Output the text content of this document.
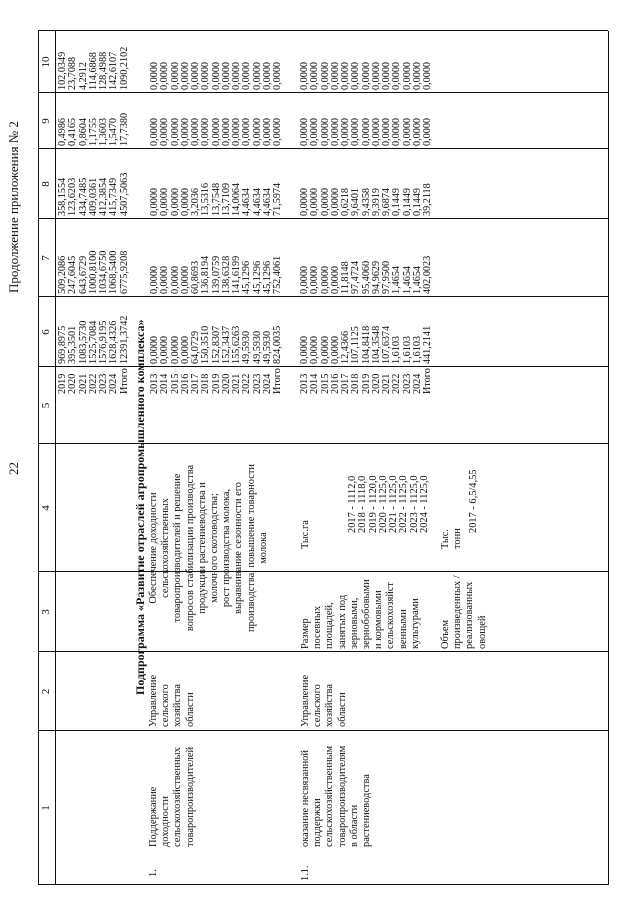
22
Продолжение приложения № 2
1
2
3
4
5
6
7
8
9
10
2019 2020 2021 2022 2023 2024 Итого
969,8975 395,3501 1083,5730 1525,7084 1576,9195 1628,4326 12391,3742
509,2086 247,6045 643,6729 1000,8100 1034,6750 1068,5400 6775,9208
358,1554 123,6203 434,7485 409,0361 412,3854 415,7349 4507,5063
0,4986 0,4165 0,8604 1,1755 1,3603 1,5470 17,7380
102,0349 23,7088 4,2912 114,6868 128,4988 142,6107 1090,2102
Подпрограмма «Развитие отраслей агропромышленного комплекса»
1.
Поддержание доходности сельскохозяйственных товаропроизводителей
Управление сельского хозяйства области
Обеспечение доходности сельскохозяйственных товаропроизводителей и решение вопросов стабилизации производства продукции растениеводства и молочного скотоводства; рост производства молока, выравнивание сезонности его производства, повышение товарности молока
2013 2014 2015 2016 2017 2018 2019 2020 2021 2022 2023 2024 Итого
0,0000 0,0000 0,0000 0,0000 64,0729 150,3510 152,8307 152,3437 155,6263 49,5930 49,5930 49,5930 824,0035
0,0000 0,0000 0,0000 0,0000 60,8693 136,8194 139,0759 138,6328 141,6199 45,1296 45,1296 45,1296 752,4061
0,0000 0,0000 0,0000 0,0000 3,2036 13,5316 13,7548 13,7109 14,0064 4,4634 4,4634 4,4634 71,5974
0,0000 0,0000 0,0000 0,0000 0,0000 0,0000 0,0000 0,0000 0,0000 0,0000 0,0000 0,0000 0,0000
0,0000 0,0000 0,0000 0,0000 0,0000 0,0000 0,0000 0,0000 0,0000 0,0000 0,0000 0,0000 0,0000
1.1.
оказание несвязанной поддержки сельскохозяйственным товаропроизводителям в области растениеводства
Управление сельского хозяйства области
Размер посевных площадей, занятых под зерновыми, зернобобовыми и кормовыми сельскохозяйст венными культурами
Тыс.га
2017 - 1112,0 2018 - 1118,0 2019 - 1120,0 2020 - 1125,0 2021 - 1125,0 2022 - 1125,0 2023 - 1125,0 2024 - 1125,0
Объем произведенных / реализованных овощей
Тыс. тонн
2017 - 6,5/4,55
2013 2014 2015 2016 2017 2018 2019 2020 2021 2022 2023 2024 Итого
0,0000 0,0000 0,0000 0,0000 12,4366 107,1125 104,8418 104,3548 107,6374 1,6103 1,6103 1,6103 441,2141
0,0000 0,0000 0,0000 0,0000 11,8148 97,4724 95,4060 94,9629 97,9500 1,4654 1,4654 1,4654 402,0023
0,0000 0,0000 0,0000 0,0000 0,6218 9,6401 9,4358 9,3919 9,6874 0,1449 0,1449 0,1449 39,2118
0,0000 0,0000 0,0000 0,0000 0,0000 0,0000 0,0000 0,0000 0,0000 0,0000 0,0000 0,0000 0,0000
0,0000 0,0000 0,0000 0,0000 0,0000 0,0000 0,0000 0,0000 0,0000 0,0000 0,0000 0,0000 0,0000
